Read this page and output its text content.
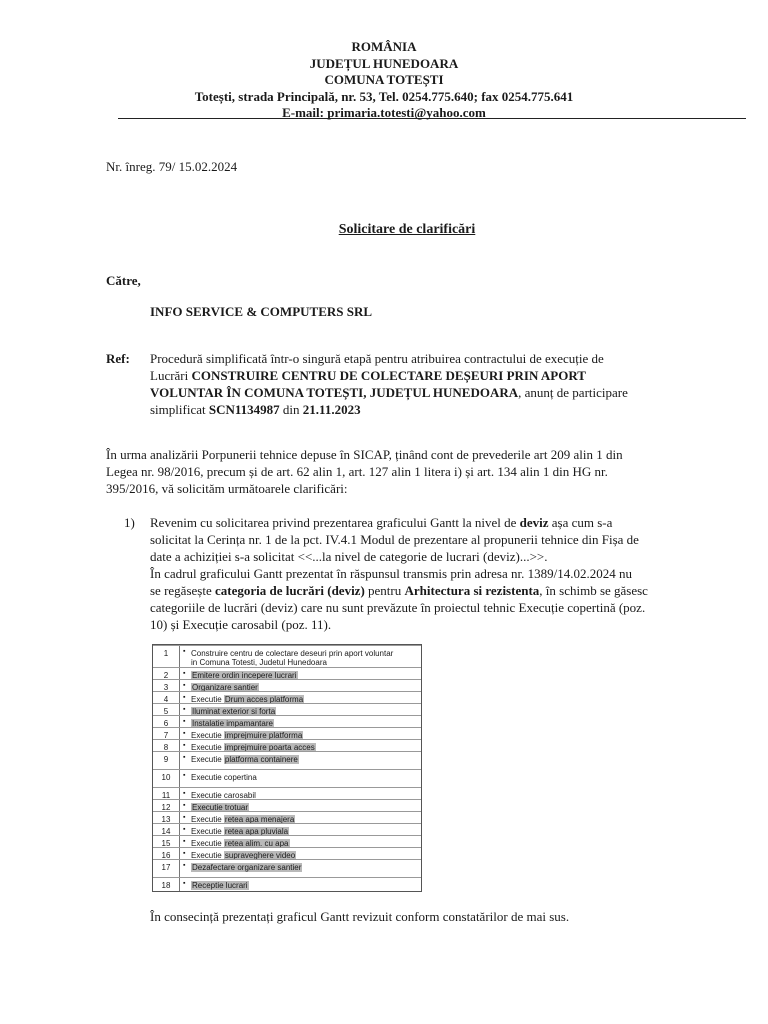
ROMÂNIA
JUDEȚUL HUNEDOARA
COMUNA TOTEȘTI
Totești, strada Principală, nr. 53, Tel. 0254.775.640; fax 0254.775.641
E-mail: primaria.totesti@yahoo.com
Nr. înreg. 79/ 15.02.2024
Solicitare de clarificări
Către,
INFO SERVICE & COMPUTERS SRL
Ref: Procedură simplificată într-o singură etapă pentru atribuirea contractului de execuție de
Lucrări CONSTRUIRE CENTRU DE COLECTARE DEȘEURI PRIN APORT
VOLUNTAR ÎN COMUNA TOTEȘTI, JUDEȚUL HUNEDOARA, anunț de participare
simplificat SCN1134987 din 21.11.2023
În urma analizării Porpunerii tehnice depuse în SICAP, ținând cont de prevederile art 209 alin 1 din
Legea nr. 98/2016, precum și de art. 62 alin 1, art. 127 alin 1 litera i) și art. 134 alin 1 din HG nr.
395/2016, vă solicităm următoarele clarificări:
1) Revenim cu solicitarea privind prezentarea graficului Gantt la nivel de deviz așa cum s-a
solicitat la Cerința nr. 1 de la pct. IV.4.1 Modul de prezentare al propunerii tehnice din Fișa de
date a achiziției s-a solicitat <<...la nivel de categorie de lucrari (deviz)...>>.
În cadrul graficului Gantt prezentat în răspunsul transmis prin adresa nr. 1389/14.02.2024 nu
se regăsește categoria de lucrări (deviz) pentru Arhitectura si rezistenta, în schimb se găsesc
categoriile de lucrări (deviz) care nu sunt prevăzute în proiectul tehnic Execuție copertină (poz.
10) și Execuție carosabil (poz. 11).
1	▪ Construire centru de colectare deseuri prin aport voluntar
in Comuna Totesti, Judetul Hunedoara
2	▪ Emitere ordin incepere lucrari
3	▪ Organizare santier
4	▪ Executie Drum acces platforma
5	▪ Iluminat exterior si forta
6	▪ Instalatie impamantare
7	▪ Executie imprejmuire platforma
8	▪ Executie imprejmuire poarta acces
9	▪ Executie platforma containere
10	▪ Executie copertina
11	▪ Executie carosabil
12	▪ Executie trotuar
13	▪ Executie retea apa menajera
14	▪ Executie retea apa pluviala
15	▪ Executie retea alim. cu apa
16	▪ Executie supraveghere video
17	▪ Dezafectare organizare santier
18	▪ Receptie lucrari
În consecință prezentați graficul Gantt revizuit conform constatărilor de mai sus.
